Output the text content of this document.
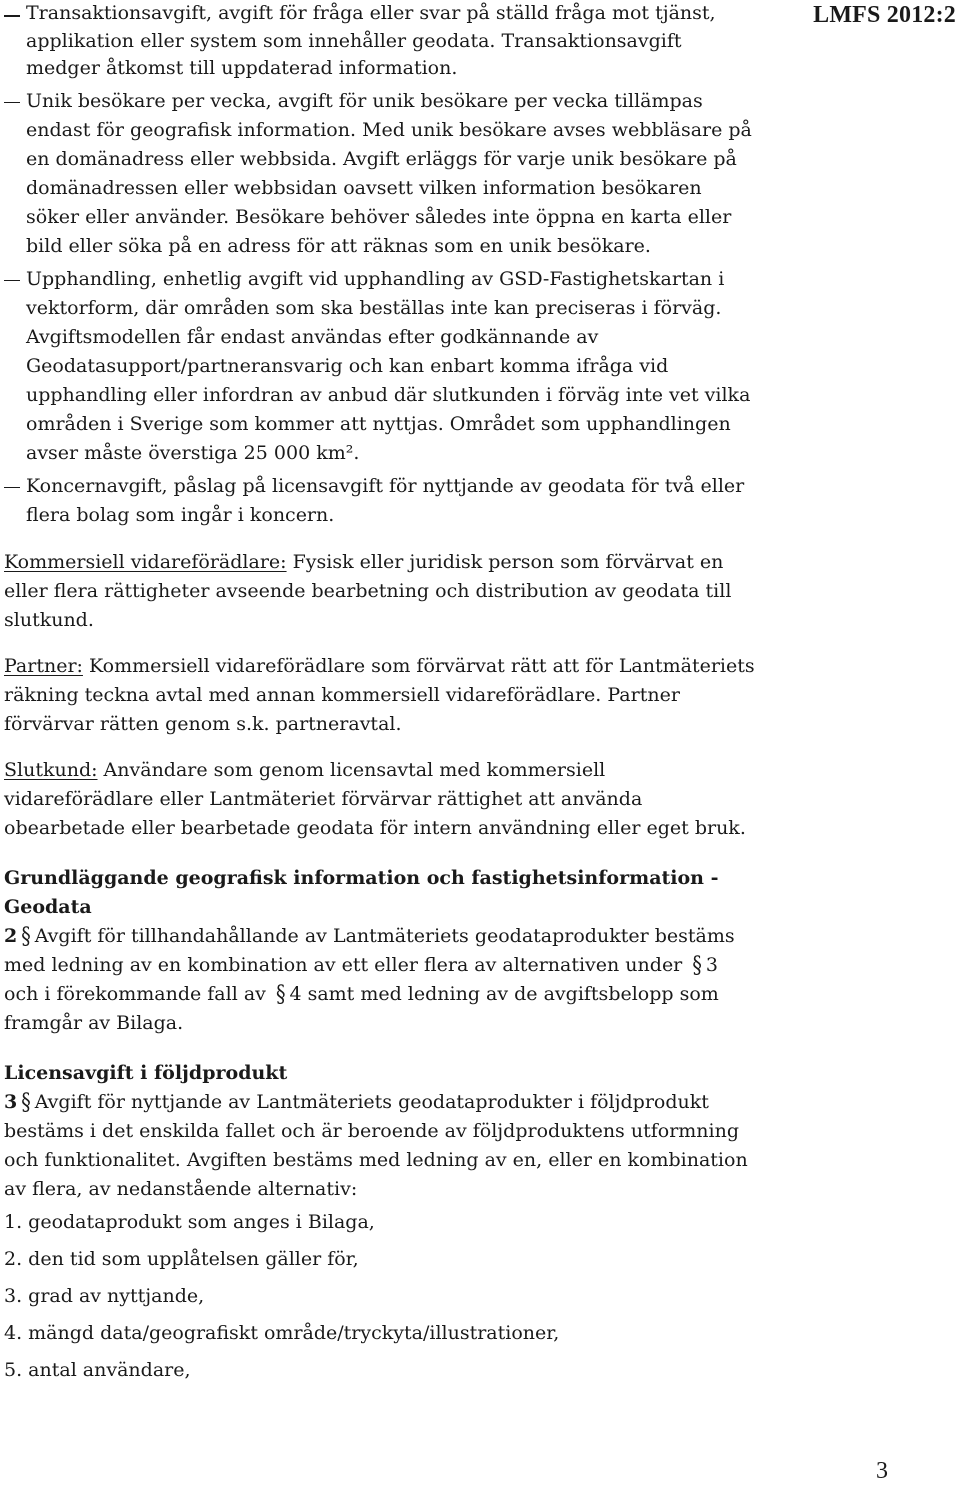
LMFS 2012:2
Transaktionsavgift, avgift för fråga eller svar på ställd fråga mot tjänst, applikation eller system som innehåller geodata. Transaktionsavgift medger åtkomst till uppdaterad information.
Unik besökare per vecka, avgift för unik besökare per vecka tillämpas endast för geografisk information. Med unik besökare avses webbläsare på en domänadress eller webbsida. Avgift erläggs för varje unik besökare på domänadressen eller webbsidan oavsett vilken information besökaren söker eller använder. Besökare behöver således inte öppna en karta eller bild eller söka på en adress för att räknas som en unik besökare.
Upphandling, enhetlig avgift vid upphandling av GSD-Fastighetskartan i vektorform, där områden som ska beställas inte kan preciseras i förväg. Avgiftsmodellen får endast användas efter godkännande av Geodatasupport/partneransvarig och kan enbart komma ifråga vid upphandling eller infordran av anbud där slutkunden i förväg inte vet vilka områden i Sverige som kommer att nyttjas. Området som upphandlingen avser måste överstiga 25 000 km².
Koncernavgift, påslag på licensavgift för nyttjande av geodata för två eller flera bolag som ingår i koncern.

Kommersiell vidareförädlare: Fysisk eller juridisk person som förvärvat en eller flera rättigheter avseende bearbetning och distribution av geodata till slutkund.

Partner: Kommersiell vidareförädlare som förvärvat rätt att för Lantmäteriets räkning teckna avtal med annan kommersiell vidareförädlare. Partner förvärvar rätten genom s.k. partneravtal.

Slutkund: Användare som genom licensavtal med kommersiell vidareförädlare eller Lantmäteriet förvärvar rättighet att använda obearbetade eller bearbetade geodata för intern användning eller eget bruk.

Grundläggande geografisk information och fastighetsinformation - Geodata

2 § Avgift för tillhandahållande av Lantmäteriets geodataprodukter bestäms med ledning av en kombination av ett eller flera av alternativen under § 3 och i förekommande fall av § 4 samt med ledning av de avgiftsbelopp som framgår av Bilaga.

Licensavgift i följdprodukt

3 § Avgift för nyttjande av Lantmäteriets geodataprodukter i följdprodukt bestäms i det enskilda fallet och är beroende av följdproduktens utformning och funktionalitet. Avgiften bestäms med ledning av en, eller en kombination av flera, av nedanstående alternativ:

1. geodataprodukt som anges i Bilaga,
2. den tid som upplåtelsen gäller för,
3. grad av nyttjande,
4. mängd data/geografiskt område/tryckyta/illustrationer,
5. antal användare,
3
